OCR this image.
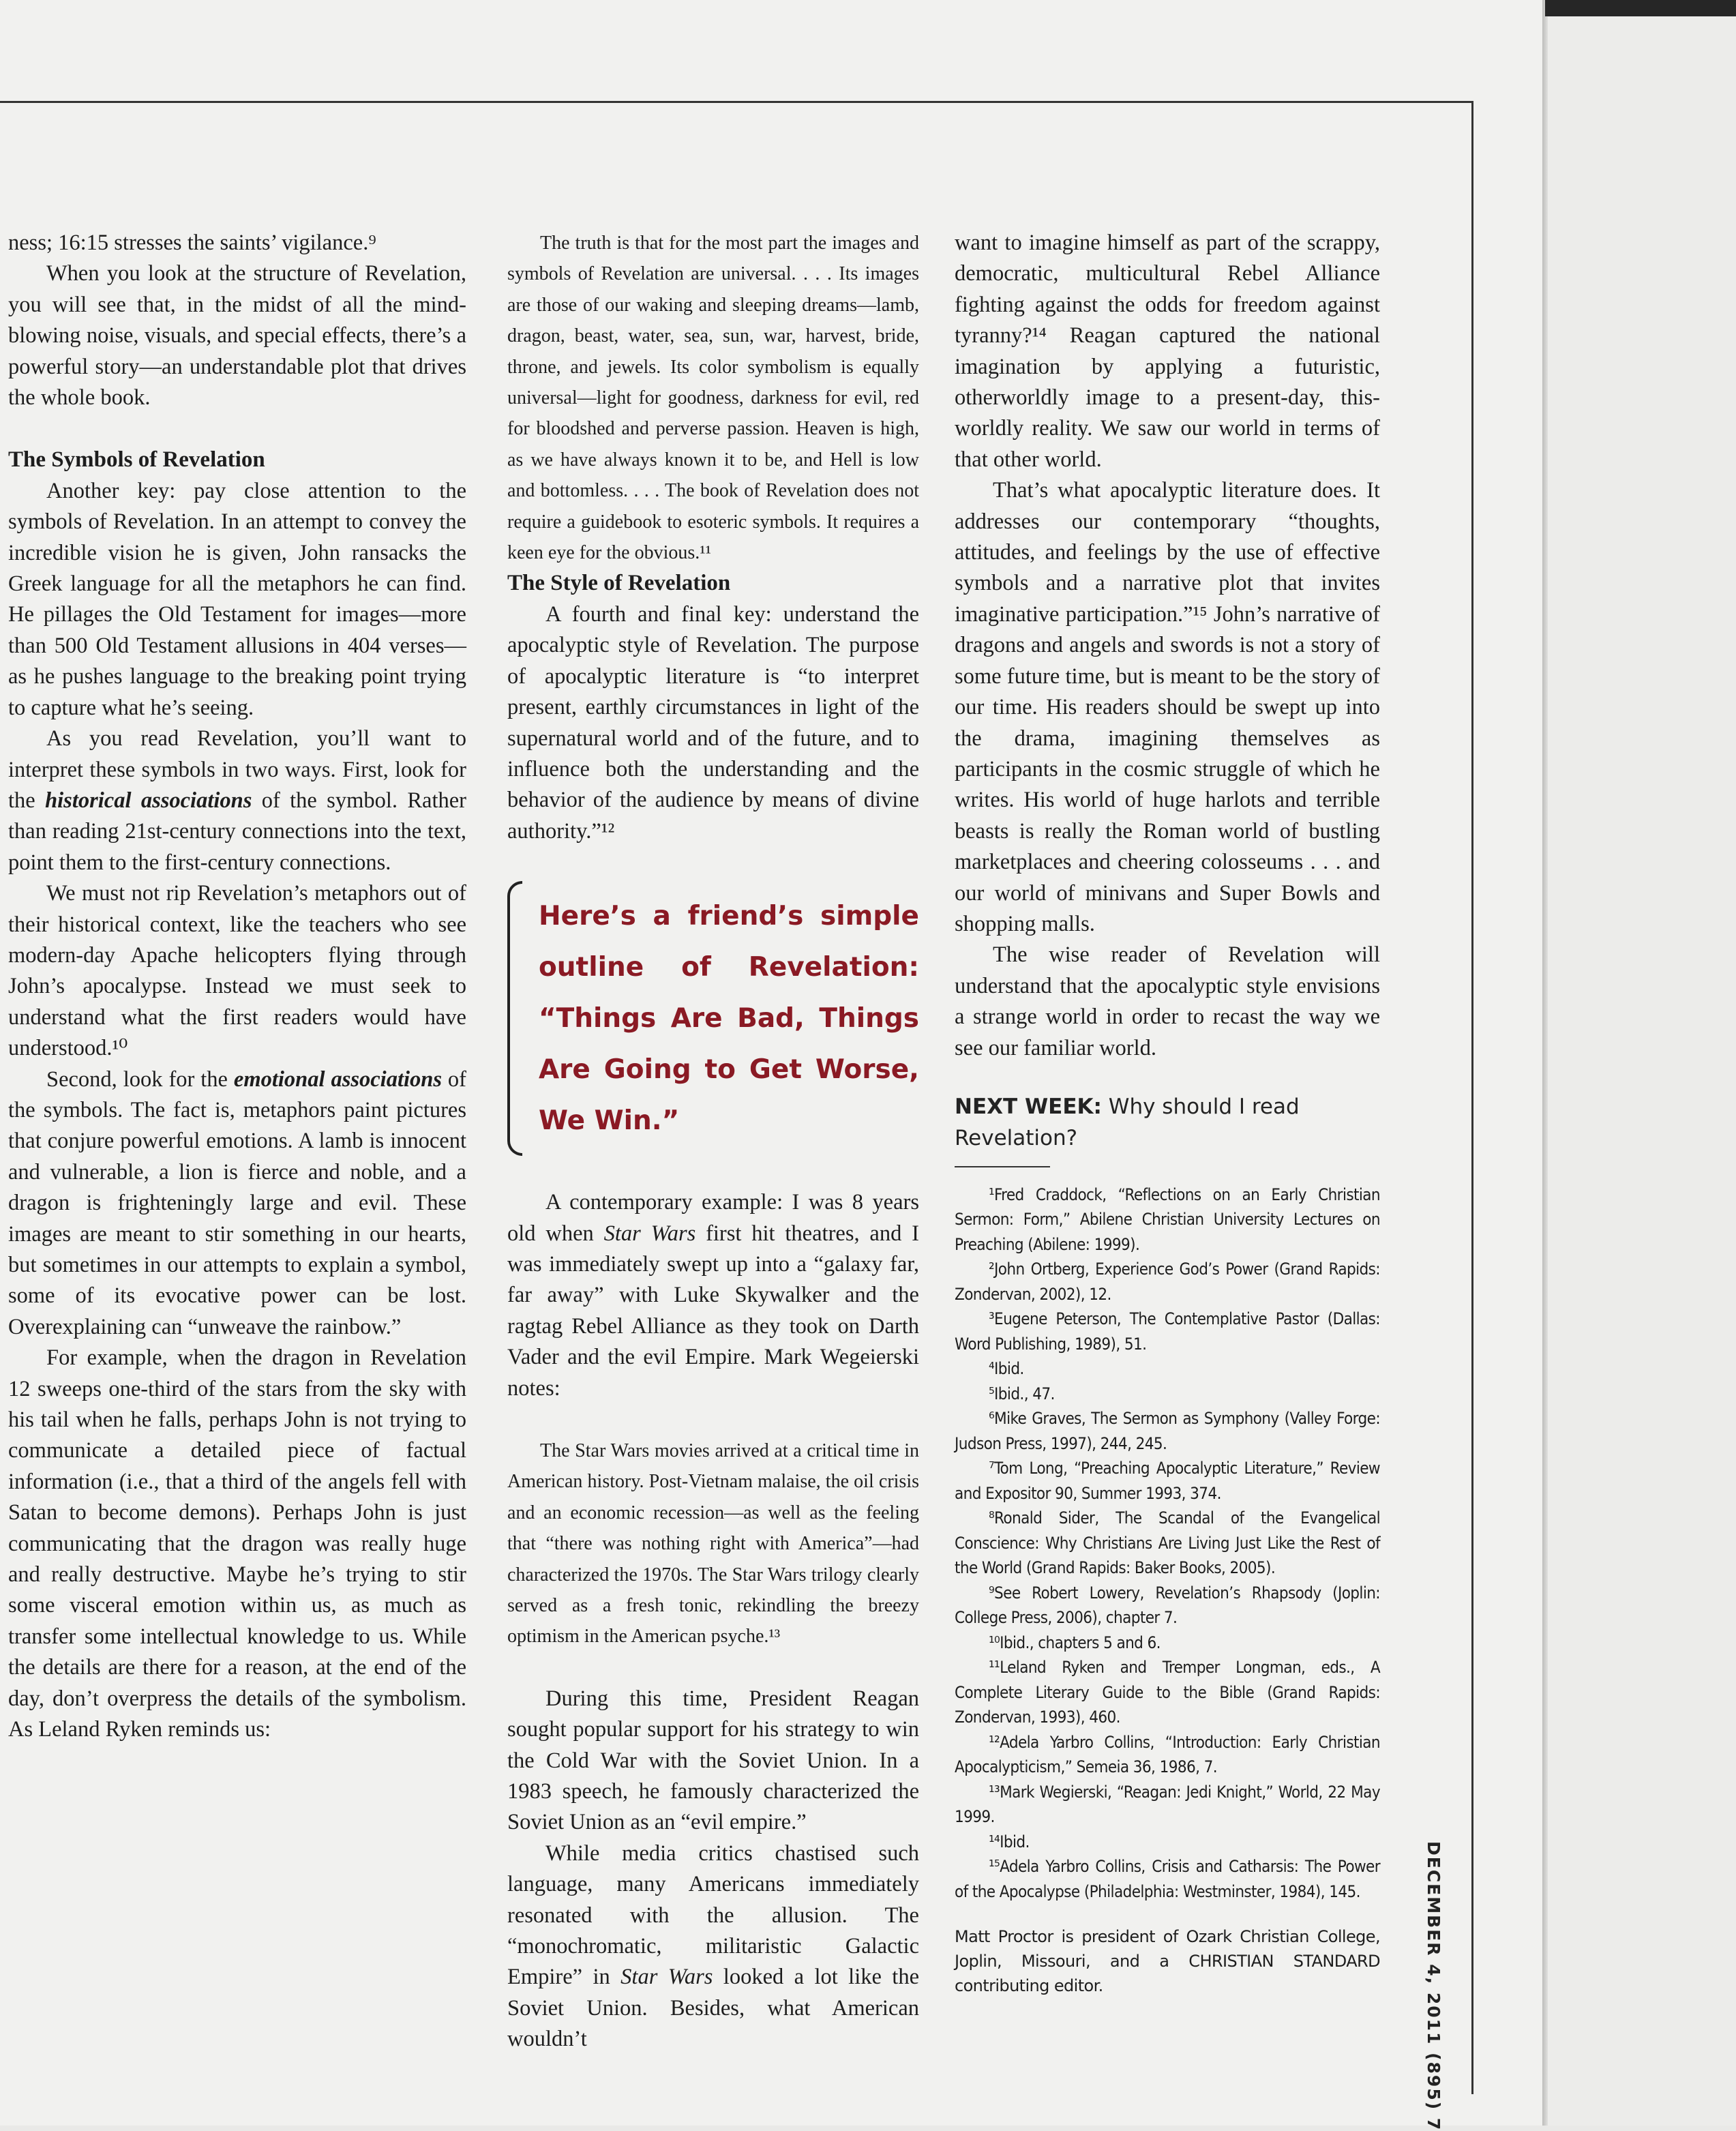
ness; 16:15 stresses the saints’ vigilance.⁹

When you look at the structure of Revelation, you will see that, in the midst of all the mind-blowing noise, visuals, and special effects, there’s a powerful story—an understandable plot that drives the whole book.

The Symbols of Revelation

Another key: pay close attention to the symbols of Revelation. In an attempt to convey the incredible vision he is given, John ransacks the Greek language for all the metaphors he can find. He pillages the Old Testament for images—more than 500 Old Testament allusions in 404 verses—as he pushes language to the breaking point trying to capture what he’s seeing.

As you read Revelation, you’ll want to interpret these symbols in two ways. First, look for the historical associations of the symbol. Rather than reading 21st-century connections into the text, point them to the first-century connections.

We must not rip Revelation’s metaphors out of their historical context, like the teachers who see modern-day Apache helicopters flying through John’s apocalypse. Instead we must seek to understand what the first readers would have understood.¹⁰

Second, look for the emotional associations of the symbols. The fact is, metaphors paint pictures that conjure powerful emotions. A lamb is innocent and vulnerable, a lion is fierce and noble, and a dragon is frighteningly large and evil. These images are meant to stir something in our hearts, but sometimes in our attempts to explain a symbol, some of its evocative power can be lost. Overexplaining can “unweave the rainbow.”

For example, when the dragon in Revelation 12 sweeps one-third of the stars from the sky with his tail when he falls, perhaps John is not trying to communicate a detailed piece of factual information (i.e., that a third of the angels fell with Satan to become demons). Perhaps John is just communicating that the dragon was really huge and really destructive. Maybe he’s trying to stir some visceral emotion within us, as much as transfer some intellectual knowledge to us. While the details are there for a reason, at the end of the day, don’t overpress the details of the symbolism. As Leland Ryken reminds us:

The truth is that for the most part the images and symbols of Revelation are universal. . . . Its images are those of our waking and sleeping dreams—lamb, dragon, beast, water, sea, sun, war, harvest, bride, throne, and jewels. Its color symbolism is equally universal—light for goodness, darkness for evil, red for bloodshed and perverse passion. Heaven is high, as we have always known it to be, and Hell is low and bottomless. . . . The book of Revelation does not require a guidebook to esoteric symbols. It requires a keen eye for the obvious.¹¹

The Style of Revelation

A fourth and final key: understand the apocalyptic style of Revelation. The purpose of apocalyptic literature is “to interpret present, earthly circumstances in light of the supernatural world and of the future, and to influence both the understanding and the behavior of the audience by means of divine authority.”¹²

Here’s a friend’s simple outline of Revelation: “Things Are Bad, Things Are Going to Get Worse, We Win.”

A contemporary example: I was 8 years old when Star Wars first hit theatres, and I was immediately swept up into a “galaxy far, far away” with Luke Skywalker and the ragtag Rebel Alliance as they took on Darth Vader and the evil Empire. Mark Wegeierski notes:

The Star Wars movies arrived at a critical time in American history. Post-Vietnam malaise, the oil crisis and an economic recession—as well as the feeling that “there was nothing right with America”—had characterized the 1970s. The Star Wars trilogy clearly served as a fresh tonic, rekindling the breezy optimism in the American psyche.¹³

During this time, President Reagan sought popular support for his strategy to win the Cold War with the Soviet Union. In a 1983 speech, he famously characterized the Soviet Union as an “evil empire.”

While media critics chastised such language, many Americans immediately resonated with the allusion. The “monochromatic, militaristic Galactic Empire” in Star Wars looked a lot like the Soviet Union. Besides, what American wouldn’t

want to imagine himself as part of the scrappy, democratic, multicultural Rebel Alliance fighting against the odds for freedom against tyranny?¹⁴ Reagan captured the national imagination by applying a futuristic, otherworldly image to a present-day, this-worldly reality. We saw our world in terms of that other world.

That’s what apocalyptic literature does. It addresses our contemporary “thoughts, attitudes, and feelings by the use of effective symbols and a narrative plot that invites imaginative participation.”¹⁵ John’s narrative of dragons and angels and swords is not a story of some future time, but is meant to be the story of our time. His readers should be swept up into the drama, imagining themselves as participants in the cosmic struggle of which he writes. His world of huge harlots and terrible beasts is really the Roman world of bustling marketplaces and cheering colosseums . . . and our world of minivans and Super Bowls and shopping malls.

The wise reader of Revelation will understand that the apocalyptic style envisions a strange world in order to recast the way we see our familiar world.

NEXT WEEK: Why should I read Revelation?

¹Fred Craddock, “Reflections on an Early Christian Sermon: Form,” Abilene Christian University Lectures on Preaching (Abilene: 1999).

²John Ortberg, Experience God’s Power (Grand Rapids: Zondervan, 2002), 12.

³Eugene Peterson, The Contemplative Pastor (Dallas: Word Publishing, 1989), 51.

⁴Ibid.

⁵Ibid., 47.

⁶Mike Graves, The Sermon as Symphony (Valley Forge: Judson Press, 1997), 244, 245.

⁷Tom Long, “Preaching Apocalyptic Literature,” Review and Expositor 90, Summer 1993, 374.

⁸Ronald Sider, The Scandal of the Evangelical Conscience: Why Christians Are Living Just Like the Rest of the World (Grand Rapids: Baker Books, 2005).

⁹See Robert Lowery, Revelation’s Rhapsody (Joplin: College Press, 2006), chapter 7.

¹⁰Ibid., chapters 5 and 6.

¹¹Leland Ryken and Tremper Longman, eds., A Complete Literary Guide to the Bible (Grand Rapids: Zondervan, 1993), 460.

¹²Adela Yarbro Collins, “Introduction: Early Christian Apocalypticism,” Semeia 36, 1986, 7.

¹³Mark Wegierski, “Reagan: Jedi Knight,” World, 22 May 1999.

¹⁴Ibid.

¹⁵Adela Yarbro Collins, Crisis and Catharsis: The Power of the Apocalypse (Philadelphia: Westminster, 1984), 145.

Matt Proctor is president of Ozark Christian College, Joplin, Missouri, and a CHRISTIAN STANDARD contributing editor.	DECEMBER 4, 2011 (895) 7
